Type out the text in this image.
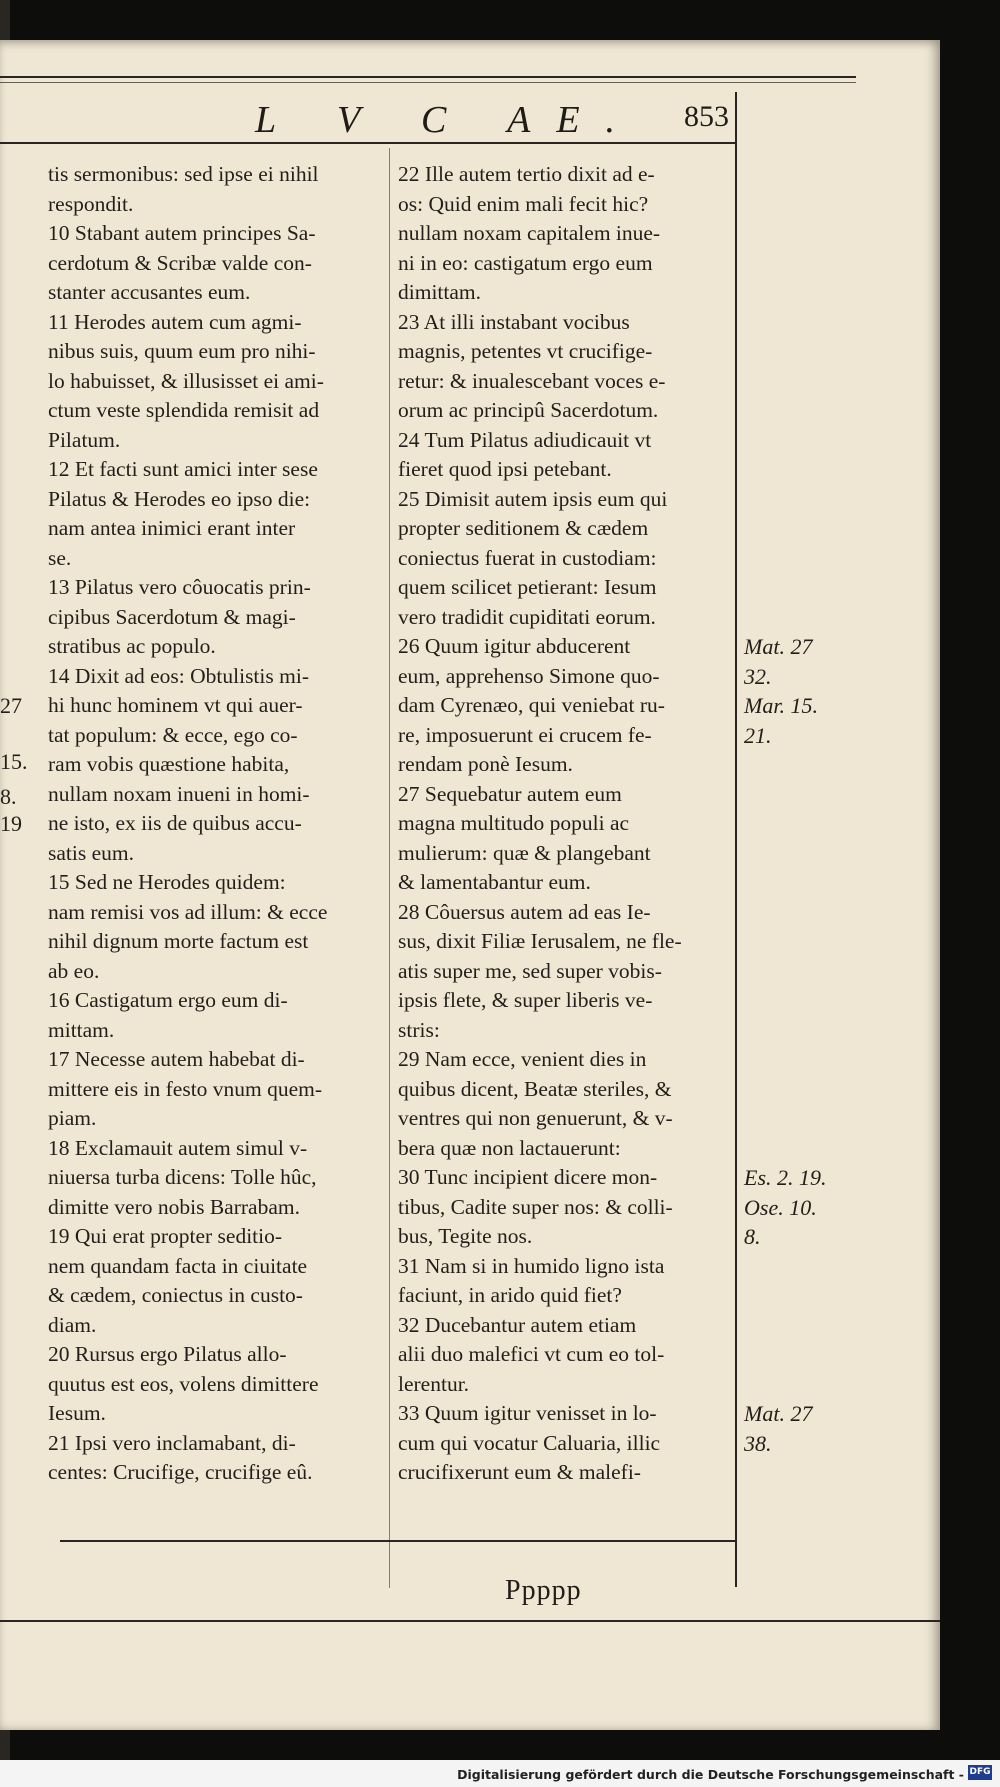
L V C AE. 853
tis sermonibus: sed ipse ei nihil
respondit.
10 Stabant autem principes Sa-
cerdotum & Scribæ valde con-
stanter accusantes eum.
11 Herodes autem cum agmi-
nibus suis, quum eum pro nihi-
lo habuisset, & illusisset ei ami-
ctum veste splendida remisit ad
Pilatum.
12 Et facti sunt amici inter sese
Pilatus & Herodes eo ipso die:
nam antea inimici erant inter
se.
13 Pilatus vero côuocatis prin-
cipibus Sacerdotum & magi-
stratibus ac populo.
14 Dixit ad eos: Obtulistis mi-
hi hunc hominem vt qui auer-
tat populum: & ecce, ego co-
ram vobis quæstione habita,
nullam noxam inueni in homi-
ne isto, ex iis de quibus accu-
satis eum.
15 Sed ne Herodes quidem:
nam remisi vos ad illum: & ecce
nihil dignum morte factum est
ab eo.
16 Castigatum ergo eum di-
mittam.
17 Necesse autem habebat di-
mittere eis in festo vnum quem-
piam.
18 Exclamauit autem simul v-
niuersa turba dicens: Tolle hûc,
dimitte vero nobis Barrabam.
19 Qui erat propter seditio-
nem quandam facta in ciuitate
& cædem, coniectus in custo-
diam.
20 Rursus ergo Pilatus allo-
quutus est eos, volens dimittere
Iesum.
21 Ipsi vero inclamabant, di-
centes: Crucifige, crucifige eû.
22 Ille autem tertio dixit ad e-
os: Quid enim mali fecit hic?
nullam noxam capitalem inue-
ni in eo: castigatum ergo eum
dimittam.
23 At illi instabant vocibus
magnis, petentes vt crucifige-
retur: & inualescebant voces e-
orum ac principû Sacerdotum.
24 Tum Pilatus adiudicauit vt
fieret quod ipsi petebant.
25 Dimisit autem ipsis eum qui
propter seditionem & cædem
coniectus fuerat in custodiam:
quem scilicet petierant: Iesum
vero tradidit cupiditati eorum.
26 Quum igitur abducerent
eum, apprehenso Simone quo-
dam Cyrenæo, qui veniebat ru-
re, imposuerunt ei crucem fe-
rendam ponè Iesum.
27 Sequebatur autem eum
magna multitudo populi ac
mulierum: quæ & plangebant
& lamentabantur eum.
28 Côuersus autem ad eas Ie-
sus, dixit Filiæ Ierusalem, ne fle-
atis super me, sed super vobis-
ipsis flete, & super liberis ve-
stris:
29 Nam ecce, venient dies in
quibus dicent, Beatæ steriles, &
ventres qui non genuerunt, & v-
bera quæ non lactauerunt:
30 Tunc incipient dicere mon-
tibus, Cadite super nos: & colli-
bus, Tegite nos.
31 Nam si in humido ligno ista
faciunt, in arido quid fiet?
32 Ducebantur autem etiam
alii duo malefici vt cum eo tol-
lerentur.
33 Quum igitur venisset in lo-
cum qui vocatur Caluaria, illic
crucifixerunt eum & malefi-
Mat. 27
32.
Mar. 15.
21.
Es. 2. 19.
Ose. 10.
8.
Mat. 27
38.
27
15.
8.
19
Ppppp
Digitalisierung gefördert durch die Deutsche Forschungsgemeinschaft - DFG
